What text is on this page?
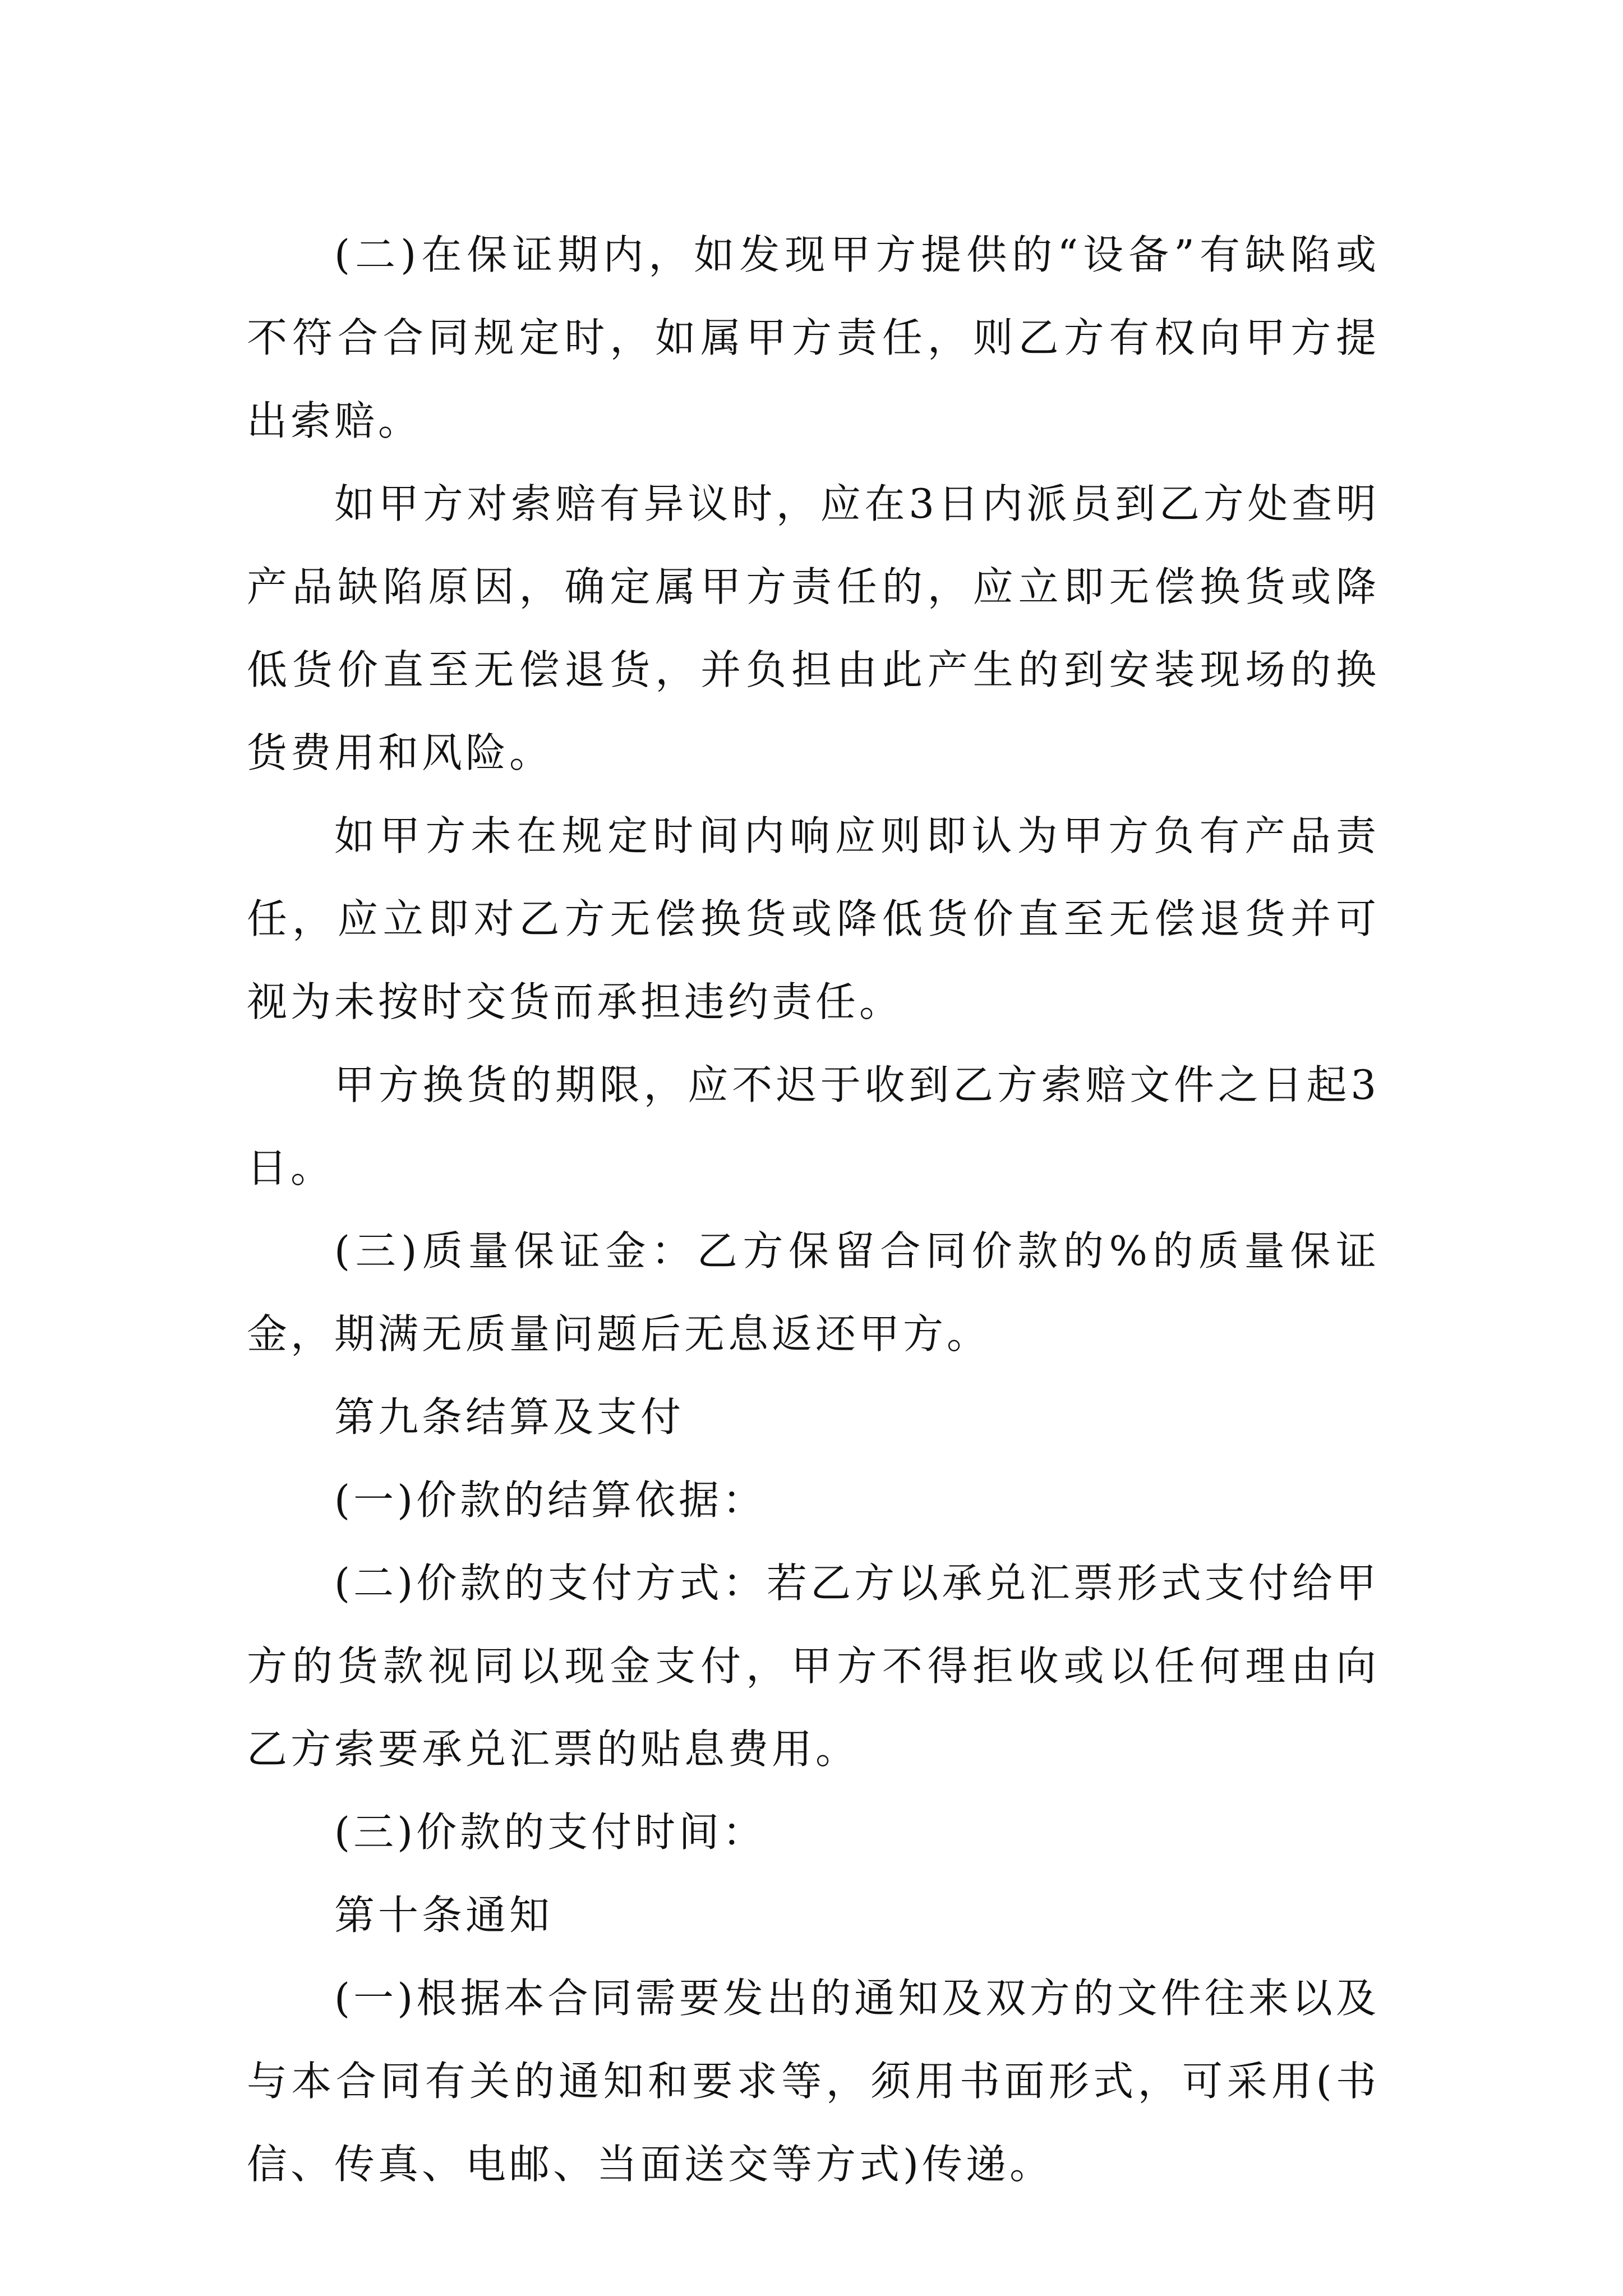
(二)在保证期内，如发现甲方提供的“设备”有缺陷或不符合合同规定时，如属甲方责任，则乙方有权向甲方提出索赔。

如甲方对索赔有异议时，应在3日内派员到乙方处查明产品缺陷原因，确定属甲方责任的，应立即无偿换货或降低货价直至无偿退货，并负担由此产生的到安装现场的换货费用和风险。

如甲方未在规定时间内响应则即认为甲方负有产品责任，应立即对乙方无偿换货或降低货价直至无偿退货并可视为未按时交货而承担违约责任。

甲方换货的期限，应不迟于收到乙方索赔文件之日起3日。

(三)质量保证金：乙方保留合同价款的%的质量保证金，期满无质量问题后无息返还甲方。

第九条结算及支付

(一)价款的结算依据：

(二)价款的支付方式：若乙方以承兑汇票形式支付给甲方的货款视同以现金支付，甲方不得拒收或以任何理由向乙方索要承兑汇票的贴息费用。

(三)价款的支付时间：

第十条通知

(一)根据本合同需要发出的通知及双方的文件往来以及与本合同有关的通知和要求等，须用书面形式，可采用(书信、传真、电邮、当面送交等方式)传递。
